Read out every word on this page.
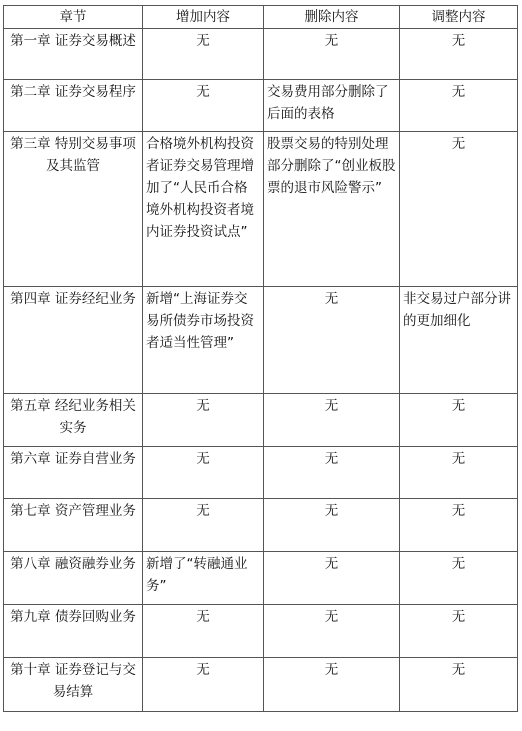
章节	增加内容	删除内容	调整内容
第一章 证券交易概述	无	无	无
第二章 证券交易程序	无	交易费用部分删除了后面的表格	无
第三章 特别交易事项及其监管	合格境外机构投资者证券交易管理增加了“人民币合格境外机构投资者境内证券投资试点”	股票交易的特别处理部分删除了“创业板股票的退市风险警示”	无
第四章 证券经纪业务	新增“上海证券交易所债券市场投资者适当性管理”	无	非交易过户部分讲的更加细化
第五章 经纪业务相关实务	无	无	无
第六章 证券自营业务	无	无	无
第七章 资产管理业务	无	无	无
第八章 融资融券业务	新增了“转融通业务”	无	无
第九章 债券回购业务	无	无	无
第十章 证券登记与交易结算	无	无	无
